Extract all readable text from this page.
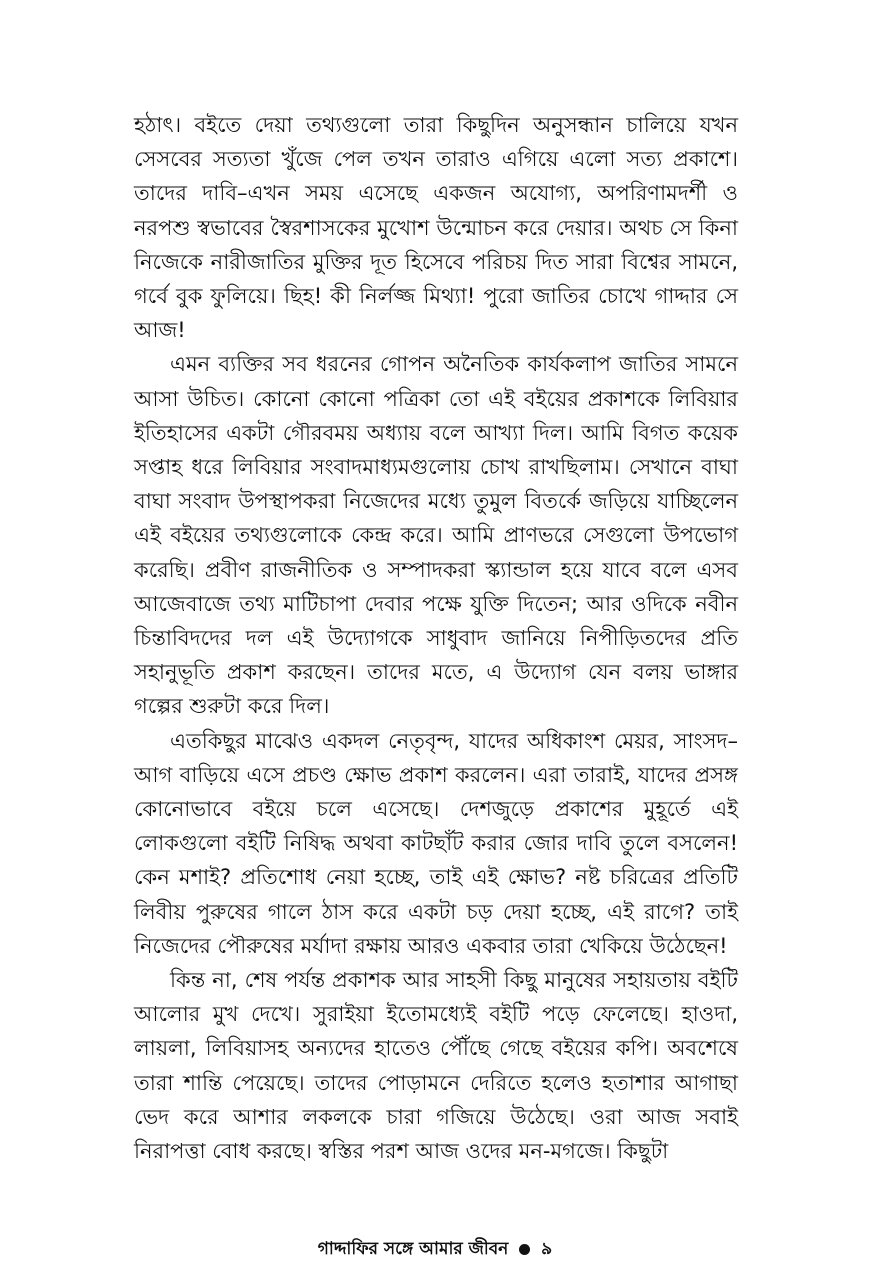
হঠাৎ। বইতে দেয়া তথ্যগুলো তারা কিছুদিন অনুসন্ধান চালিয়ে যখন সেসবের সত্যতা খুঁজে পেল তখন তারাও এগিয়ে এলো সত্য প্রকাশে। তাদের দাবি–এখন সময় এসেছে একজন অযোগ্য, অপরিণামদর্শী ও নরপশু স্বভাবের স্বৈরশাসকের মুখোশ উন্মোচন করে দেয়ার। অথচ সে কিনা নিজেকে নারীজাতির মুক্তির দূত হিসেবে পরিচয় দিত সারা বিশ্বের সামনে, গর্বে বুক ফুলিয়ে। ছিহ! কী নির্লজ্জ মিথ্যা! পুরো জাতির চোখে গাদ্দার সে আজ!

এমন ব্যক্তির সব ধরনের গোপন অনৈতিক কার্যকলাপ জাতির সামনে আসা উচিত। কোনো কোনো পত্রিকা তো এই বইয়ের প্রকাশকে লিবিয়ার ইতিহাসের একটা গৌরবময় অধ্যায় বলে আখ্যা দিল। আমি বিগত কয়েক সপ্তাহ ধরে লিবিয়ার সংবাদমাধ্যমগুলোয় চোখ রাখছিলাম। সেখানে বাঘা বাঘা সংবাদ উপস্থাপকরা নিজেদের মধ্যে তুমুল বিতর্কে জড়িয়ে যাচ্ছিলেন এই বইয়ের তথ্যগুলোকে কেন্দ্র করে। আমি প্রাণভরে সেগুলো উপভোগ করেছি। প্রবীণ রাজনীতিক ও সম্পাদকরা স্ক্যান্ডাল হয়ে যাবে বলে এসব আজেবাজে তথ্য মাটিচাপা দেবার পক্ষে যুক্তি দিতেন; আর ওদিকে নবীন চিন্তাবিদদের দল এই উদ্যোগকে সাধুবাদ জানিয়ে নিপীড়িতদের প্রতি সহানুভূতি প্রকাশ করছেন। তাদের মতে, এ উদ্যোগ যেন বলয় ভাঙ্গার গল্পের শুরুটা করে দিল।

এতকিছুর মাঝেও একদল নেতৃবৃন্দ, যাদের অধিকাংশ মেয়র, সাংসদ–আগ বাড়িয়ে এসে প্রচণ্ড ক্ষোভ প্রকাশ করলেন। এরা তারাই, যাদের প্রসঙ্গ কোনোভাবে বইয়ে চলে এসেছে। দেশজুড়ে প্রকাশের মুহূর্তে এই লোকগুলো বইটি নিষিদ্ধ অথবা কাটছাঁট করার জোর দাবি তুলে বসলেন! কেন মশাই? প্রতিশোধ নেয়া হচ্ছে, তাই এই ক্ষোভ? নষ্ট চরিত্রের প্রতিটি লিবীয় পুরুষের গালে ঠাস করে একটা চড় দেয়া হচ্ছে, এই রাগে? তাই নিজেদের পৌরুষের মর্যাদা রক্ষায় আরও একবার তারা খেকিয়ে উঠেছেন!

কিন্ত না, শেষ পর্যন্ত প্রকাশক আর সাহসী কিছু মানুষের সহায়তায় বইটি আলোর মুখ দেখে। সুরাইয়া ইতোমধ্যেই বইটি পড়ে ফেলেছে। হাওদা, লায়লা, লিবিয়াসহ অন্যদের হাতেও পৌঁছে গেছে বইয়ের কপি। অবশেষে তারা শান্তি পেয়েছে। তাদের পোড়ামনে দেরিতে হলেও হতাশার আগাছা ভেদ করে আশার লকলকে চারা গজিয়ে উঠেছে। ওরা আজ সবাই নিরাপত্তা বোধ করছে। স্বস্তির পরশ আজ ওদের মন-মগজে। কিছুটা

গাদ্দাফির সঙ্গে আমার জীবন ৯
